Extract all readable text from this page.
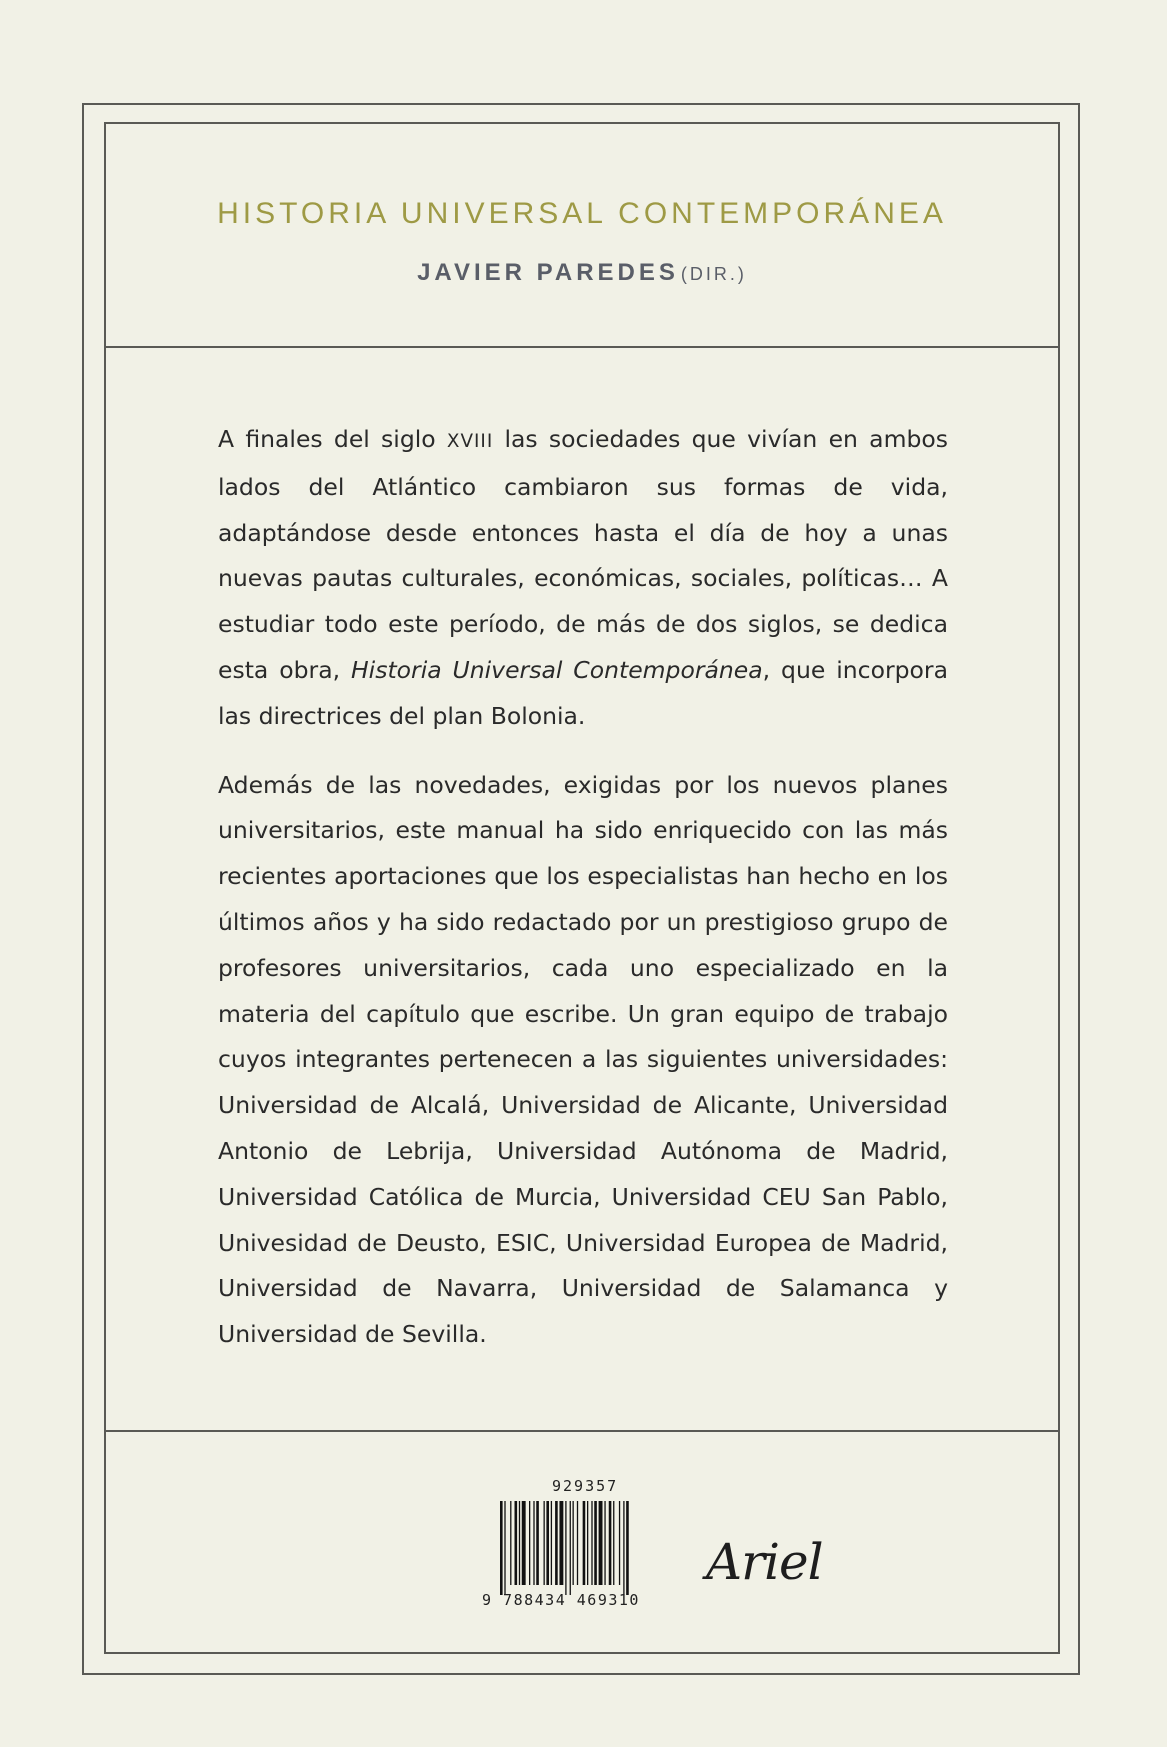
HISTORIA UNIVERSAL CONTEMPORÁNEA
JAVIER PAREDES (DIR.)

A finales del siglo XVIII las sociedades que vivían en ambos lados del Atlántico cambiaron sus formas de vida, adaptándose desde entonces hasta el día de hoy a unas nuevas pautas culturales, económicas, sociales, políticas… A estudiar todo este período, de más de dos siglos, se dedica esta obra, Historia Universal Contemporánea, que incorpora las directrices del plan Bolonia.

Además de las novedades, exigidas por los nuevos planes universitarios, este manual ha sido enriquecido con las más recientes aportaciones que los especialistas han hecho en los últimos años y ha sido redactado por un prestigioso grupo de profesores universitarios, cada uno especializado en la materia del capítulo que escribe. Un gran equipo de trabajo cuyos integrantes pertenecen a las siguientes universidades: Universidad de Alcalá, Universidad de Alicante, Universidad Antonio de Lebrija, Universidad Autónoma de Madrid, Universidad Católica de Murcia, Universidad CEU San Pablo, Univesidad de Deusto, ESIC, Universidad Europea de Madrid, Universidad de Navarra, Universidad de Salamanca y Universidad de Sevilla.

929357
9 788434 469310
Ariel
